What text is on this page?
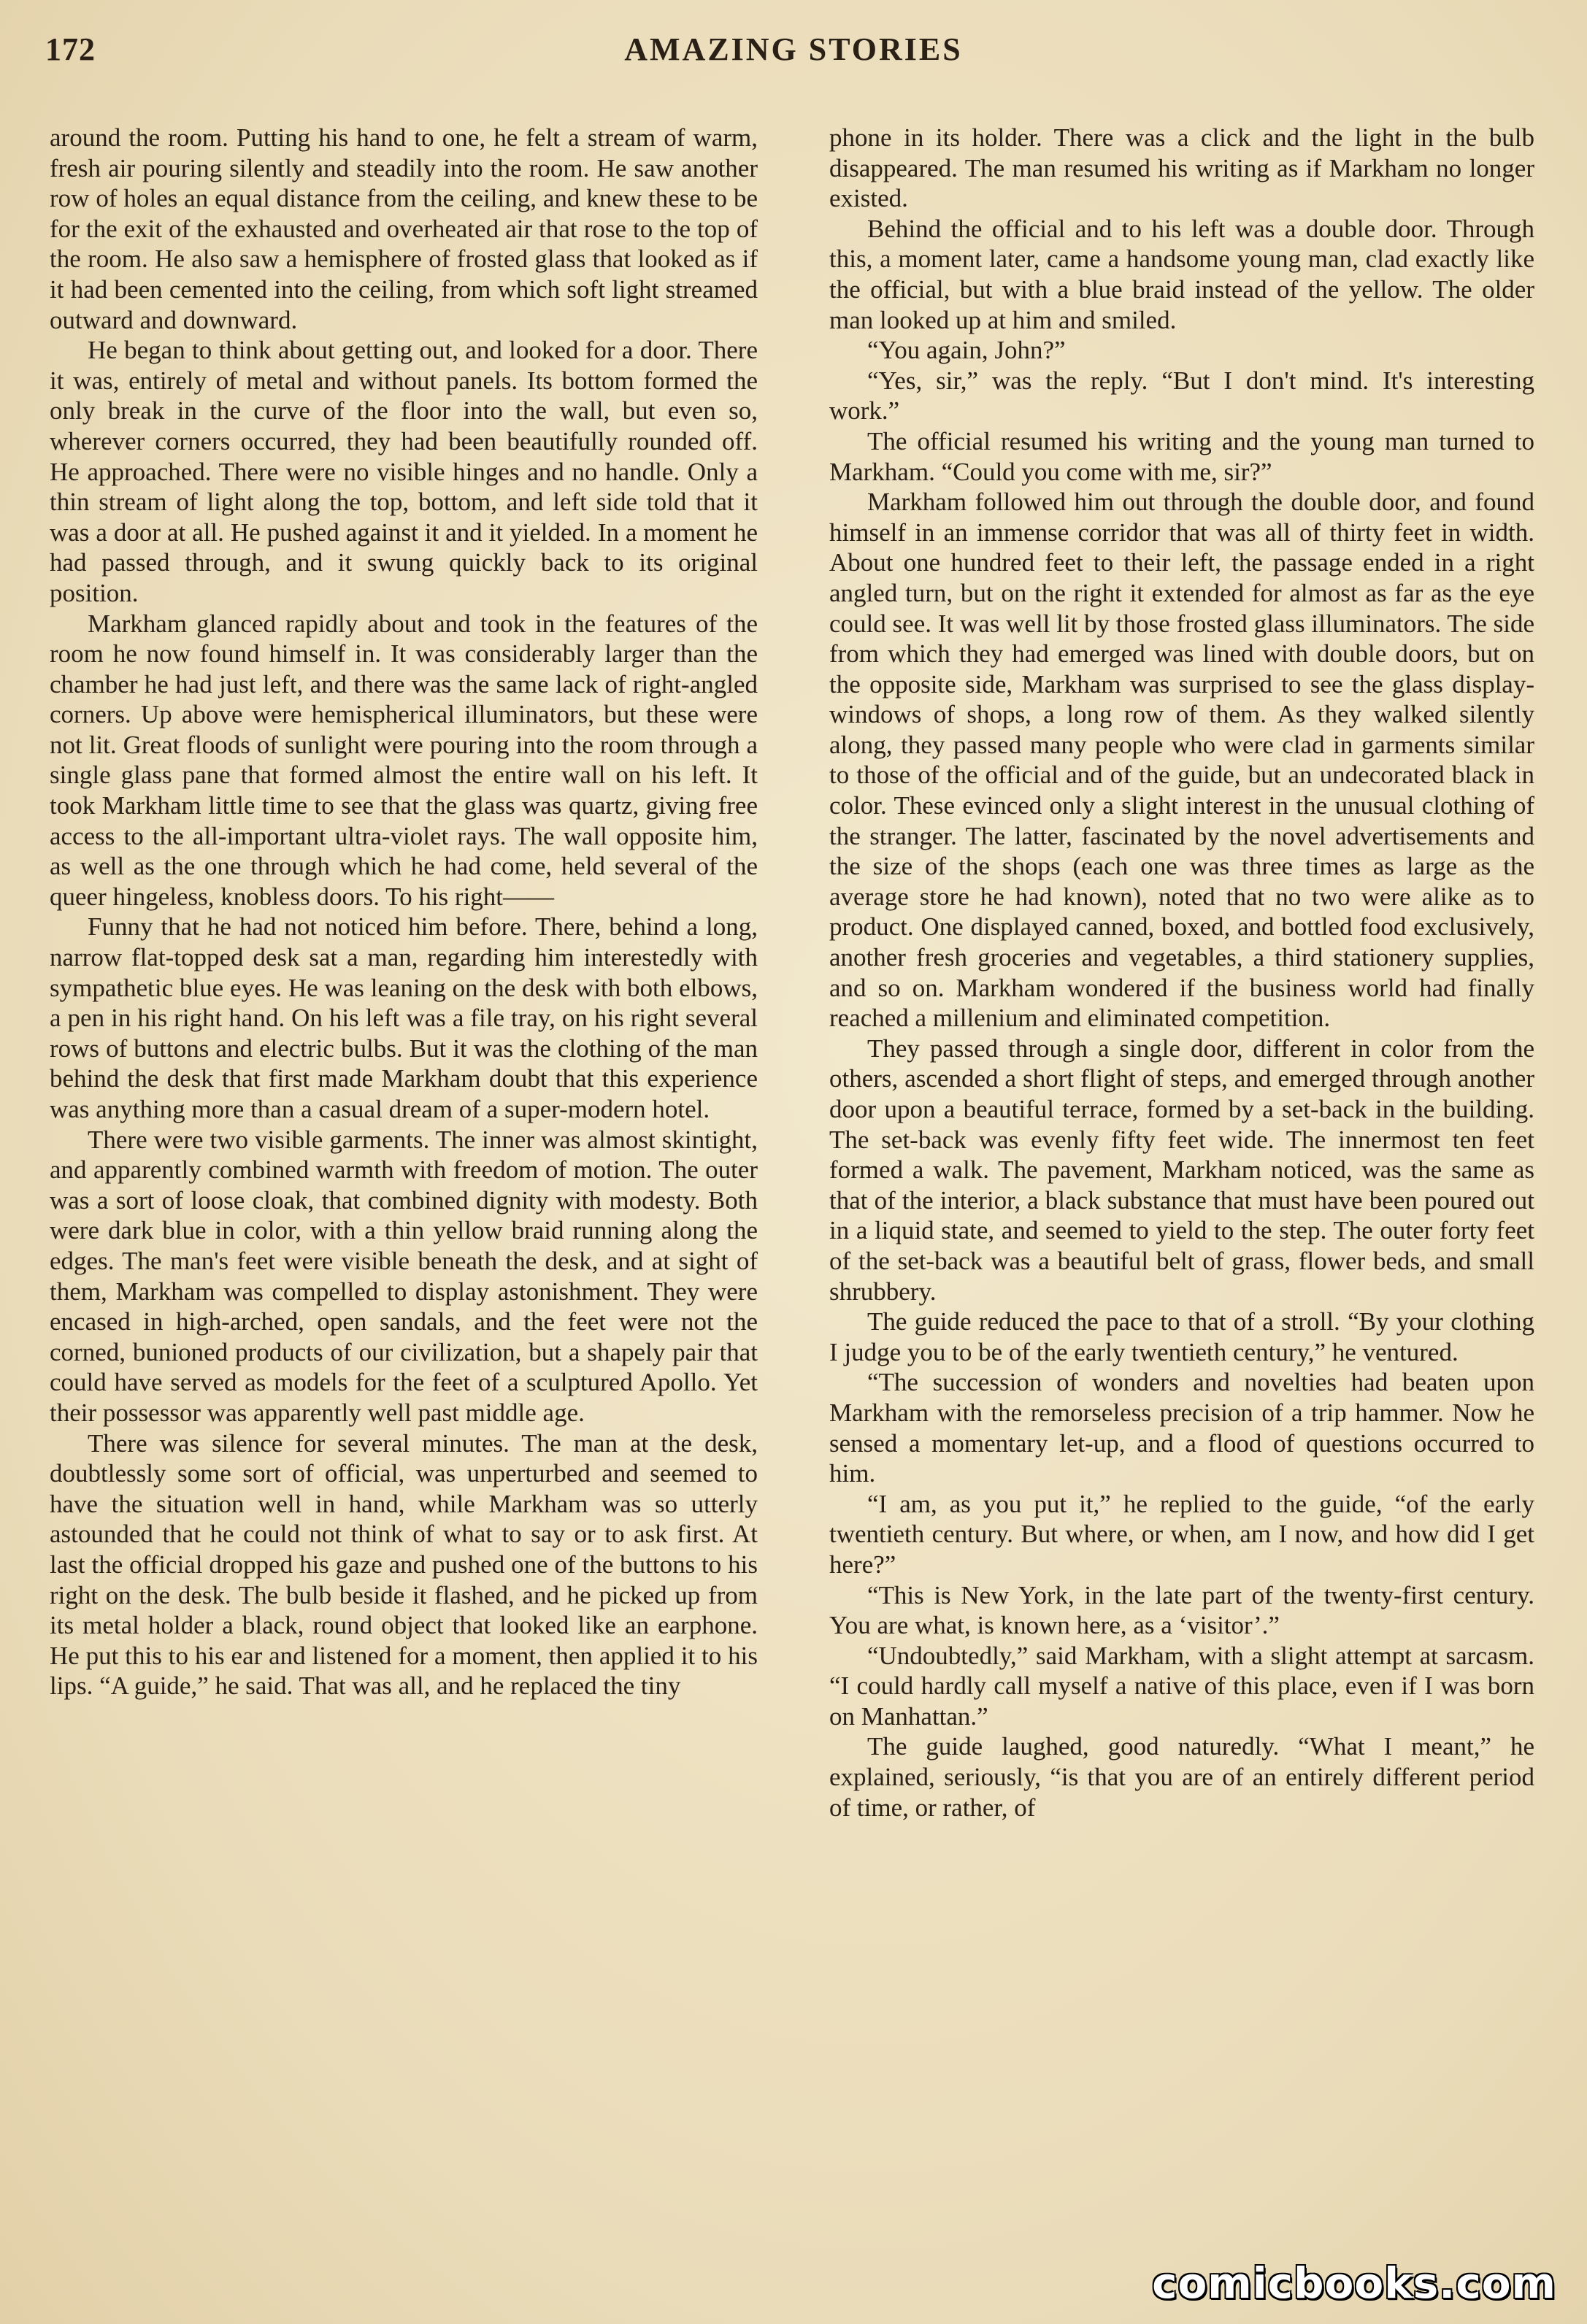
172	AMAZING STORIES

around the room. Putting his hand to one, he felt a stream of warm, fresh air pouring silently and steadily into the room. He saw another row of holes an equal distance from the ceiling, and knew these to be for the exit of the exhausted and overheated air that rose to the top of the room. He also saw a hemisphere of frosted glass that looked as if it had been cemented into the ceiling, from which soft light streamed outward and downward.

He began to think about getting out, and looked for a door. There it was, entirely of metal and without panels. Its bottom formed the only break in the curve of the floor into the wall, but even so, wherever corners occurred, they had been beautifully rounded off. He approached. There were no visible hinges and no handle. Only a thin stream of light along the top, bottom, and left side told that it was a door at all. He pushed against it and it yielded. In a moment he had passed through, and it swung quickly back to its original position.

Markham glanced rapidly about and took in the features of the room he now found himself in. It was considerably larger than the chamber he had just left, and there was the same lack of right-angled corners. Up above were hemispherical illuminators, but these were not lit. Great floods of sunlight were pouring into the room through a single glass pane that formed almost the entire wall on his left. It took Markham little time to see that the glass was quartz, giving free access to the all-important ultra-violet rays. The wall opposite him, as well as the one through which he had come, held several of the queer hingeless, knobless doors. To his right——

Funny that he had not noticed him before. There, behind a long, narrow flat-topped desk sat a man, regarding him interestedly with sympathetic blue eyes. He was leaning on the desk with both elbows, a pen in his right hand. On his left was a file tray, on his right several rows of buttons and electric bulbs. But it was the clothing of the man behind the desk that first made Markham doubt that this experience was anything more than a casual dream of a super-modern hotel.

There were two visible garments. The inner was almost skintight, and apparently combined warmth with freedom of motion. The outer was a sort of loose cloak, that combined dignity with modesty. Both were dark blue in color, with a thin yellow braid running along the edges. The man's feet were visible beneath the desk, and at sight of them, Markham was compelled to display astonishment. They were encased in high-arched, open sandals, and the feet were not the corned, bunioned products of our civilization, but a shapely pair that could have served as models for the feet of a sculptured Apollo. Yet their possessor was apparently well past middle age.

There was silence for several minutes. The man at the desk, doubtlessly some sort of official, was unperturbed and seemed to have the situation well in hand, while Markham was so utterly astounded that he could not think of what to say or to ask first. At last the official dropped his gaze and pushed one of the buttons to his right on the desk. The bulb beside it flashed, and he picked up from its metal holder a black, round object that looked like an earphone. He put this to his ear and listened for a moment, then applied it to his lips. “A guide,” he said. That was all, and he replaced the tiny

phone in its holder. There was a click and the light in the bulb disappeared. The man resumed his writing as if Markham no longer existed.

Behind the official and to his left was a double door. Through this, a moment later, came a handsome young man, clad exactly like the official, but with a blue braid instead of the yellow. The older man looked up at him and smiled.

“You again, John?”

“Yes, sir,” was the reply. “But I don't mind. It's interesting work.”

The official resumed his writing and the young man turned to Markham. “Could you come with me, sir?”

Markham followed him out through the double door, and found himself in an immense corridor that was all of thirty feet in width. About one hundred feet to their left, the passage ended in a right angled turn, but on the right it extended for almost as far as the eye could see. It was well lit by those frosted glass illuminators. The side from which they had emerged was lined with double doors, but on the opposite side, Markham was surprised to see the glass display-windows of shops, a long row of them. As they walked silently along, they passed many people who were clad in garments similar to those of the official and of the guide, but an undecorated black in color. These evinced only a slight interest in the unusual clothing of the stranger. The latter, fascinated by the novel advertisements and the size of the shops (each one was three times as large as the average store he had known), noted that no two were alike as to product. One displayed canned, boxed, and bottled food exclusively, another fresh groceries and vegetables, a third stationery supplies, and so on. Markham wondered if the business world had finally reached a millenium and eliminated competition.

They passed through a single door, different in color from the others, ascended a short flight of steps, and emerged through another door upon a beautiful terrace, formed by a set-back in the building. The set-back was evenly fifty feet wide. The innermost ten feet formed a walk. The pavement, Markham noticed, was the same as that of the interior, a black substance that must have been poured out in a liquid state, and seemed to yield to the step. The outer forty feet of the set-back was a beautiful belt of grass, flower beds, and small shrubbery.

The guide reduced the pace to that of a stroll. “By your clothing I judge you to be of the early twentieth century,” he ventured.

“The succession of wonders and novelties had beaten upon Markham with the remorseless precision of a trip hammer. Now he sensed a momentary let-up, and a flood of questions occurred to him.

“I am, as you put it,” he replied to the guide, “of the early twentieth century. But where, or when, am I now, and how did I get here?”

“This is New York, in the late part of the twenty-first century. You are what, is known here, as a ‘visitor’.”

“Undoubtedly,” said Markham, with a slight attempt at sarcasm. “I could hardly call myself a native of this place, even if I was born on Manhattan.”

The guide laughed, good naturedly. “What I meant,” he explained, seriously, “is that you are of an entirely different period of time, or rather, of

comicbooks.com
